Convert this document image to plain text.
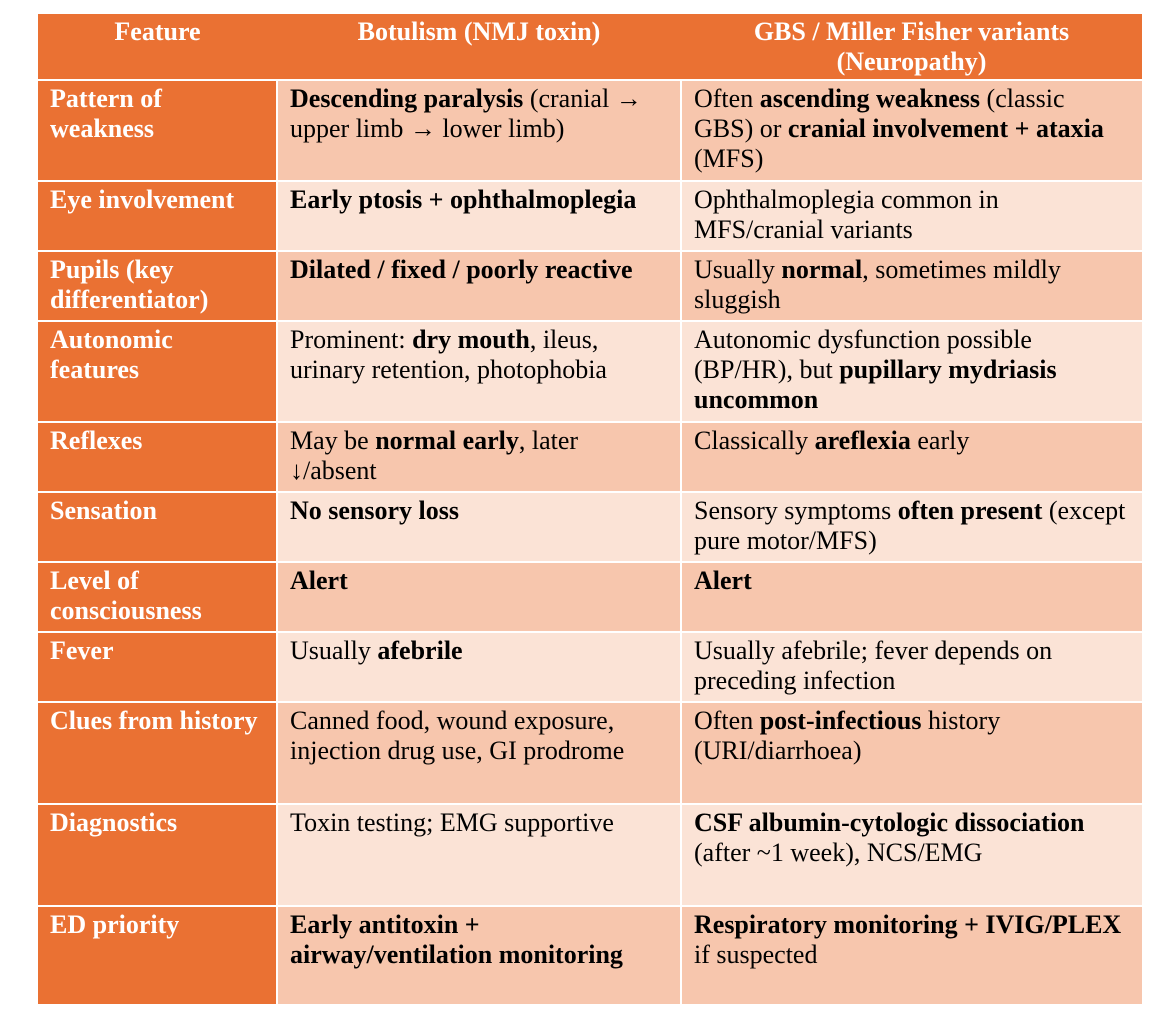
Feature	Botulism (NMJ toxin)	GBS / Miller Fisher variants (Neuropathy)
Pattern of weakness	Descending paralysis (cranial → upper limb → lower limb)	Often ascending weakness (classic GBS) or cranial involvement + ataxia (MFS)
Eye involvement	Early ptosis + ophthalmoplegia	Ophthalmoplegia common in MFS/cranial variants
Pupils (key differentiator)	Dilated / fixed / poorly reactive	Usually normal, sometimes mildly sluggish
Autonomic features	Prominent: dry mouth, ileus, urinary retention, photophobia	Autonomic dysfunction possible (BP/HR), but pupillary mydriasis uncommon
Reflexes	May be normal early, later ↓/absent	Classically areflexia early
Sensation	No sensory loss	Sensory symptoms often present (except pure motor/MFS)
Level of consciousness	Alert	Alert
Fever	Usually afebrile	Usually afebrile; fever depends on preceding infection
Clues from history	Canned food, wound exposure, injection drug use, GI prodrome	Often post-infectious history (URI/diarrhoea)
Diagnostics	Toxin testing; EMG supportive	CSF albumin-cytologic dissociation (after ~1 week), NCS/EMG
ED priority	Early antitoxin + airway/ventilation monitoring	Respiratory monitoring + IVIG/PLEX if suspected
